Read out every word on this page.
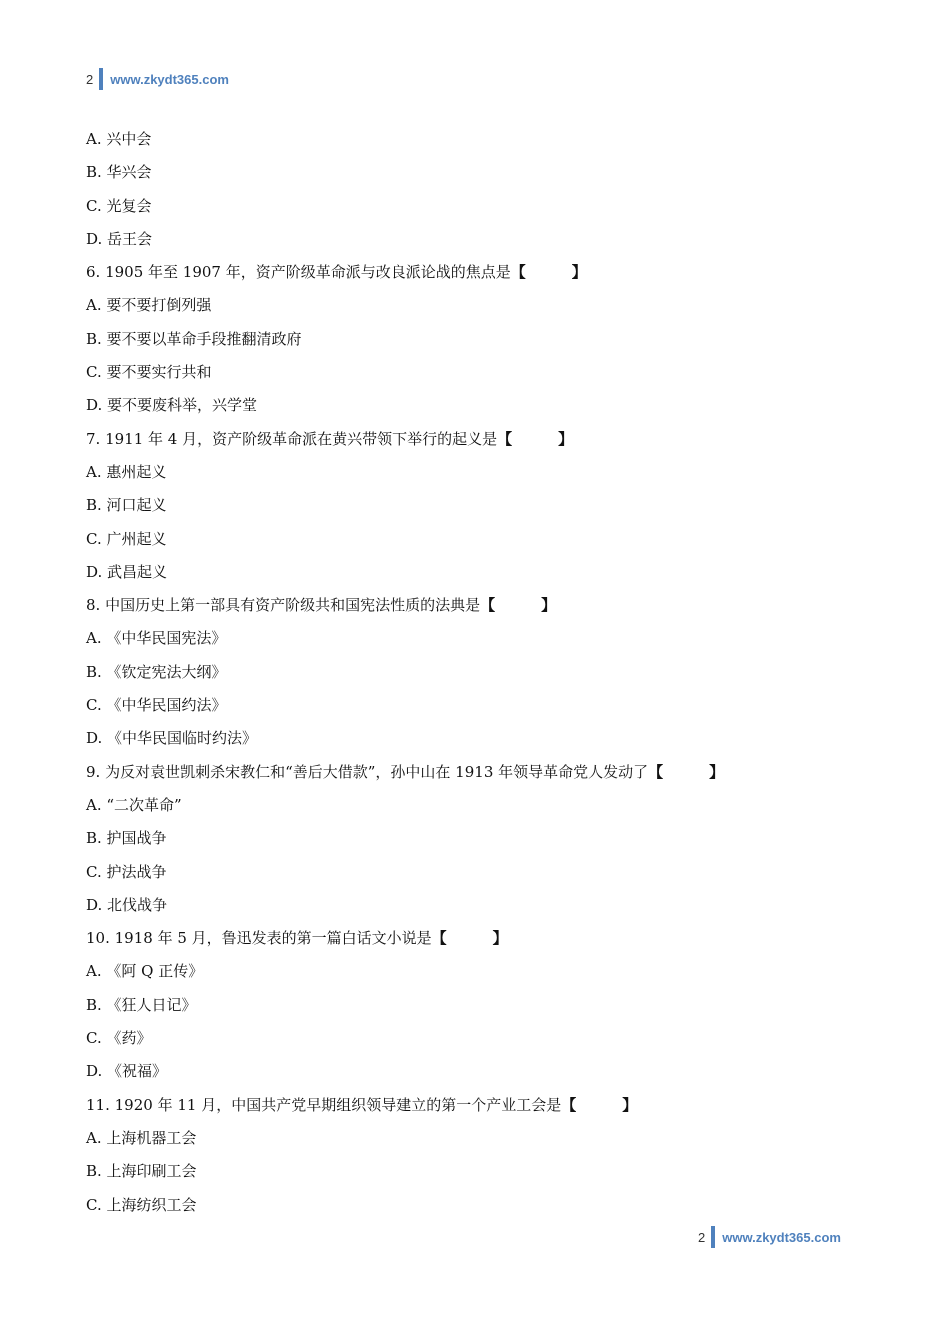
2 www.zkydt365.com
A. 兴中会
B. 华兴会
C. 光复会
D. 岳王会
6. 1905 年至 1907 年，资产阶级革命派与改良派论战的焦点是【	】
A. 要不要打倒列强
B. 要不要以革命手段推翻清政府
C. 要不要实行共和
D. 要不要废科举，兴学堂
7. 1911 年 4 月，资产阶级革命派在黄兴带领下举行的起义是【	】
A. 惠州起义
B. 河口起义
C. 广州起义
D. 武昌起义
8. 中国历史上第一部具有资产阶级共和国宪法性质的法典是【	】
A. 《中华民国宪法》
B. 《钦定宪法大纲》
C. 《中华民国约法》
D. 《中华民国临时约法》
9. 为反对袁世凯刺杀宋教仁和“善后大借款”，孙中山在 1913 年领导革命党人发动了【	】
A. “二次革命”
B. 护国战争
C. 护法战争
D. 北伐战争
10. 1918 年 5 月，鲁迅发表的第一篇白话文小说是【	】
A. 《阿 Q 正传》
B. 《狂人日记》
C. 《药》
D. 《祝福》
11. 1920 年 11 月，中国共产党早期组织领导建立的第一个产业工会是【	】
A. 上海机器工会
B. 上海印刷工会
C. 上海纺织工会
2 www.zkydt365.com
